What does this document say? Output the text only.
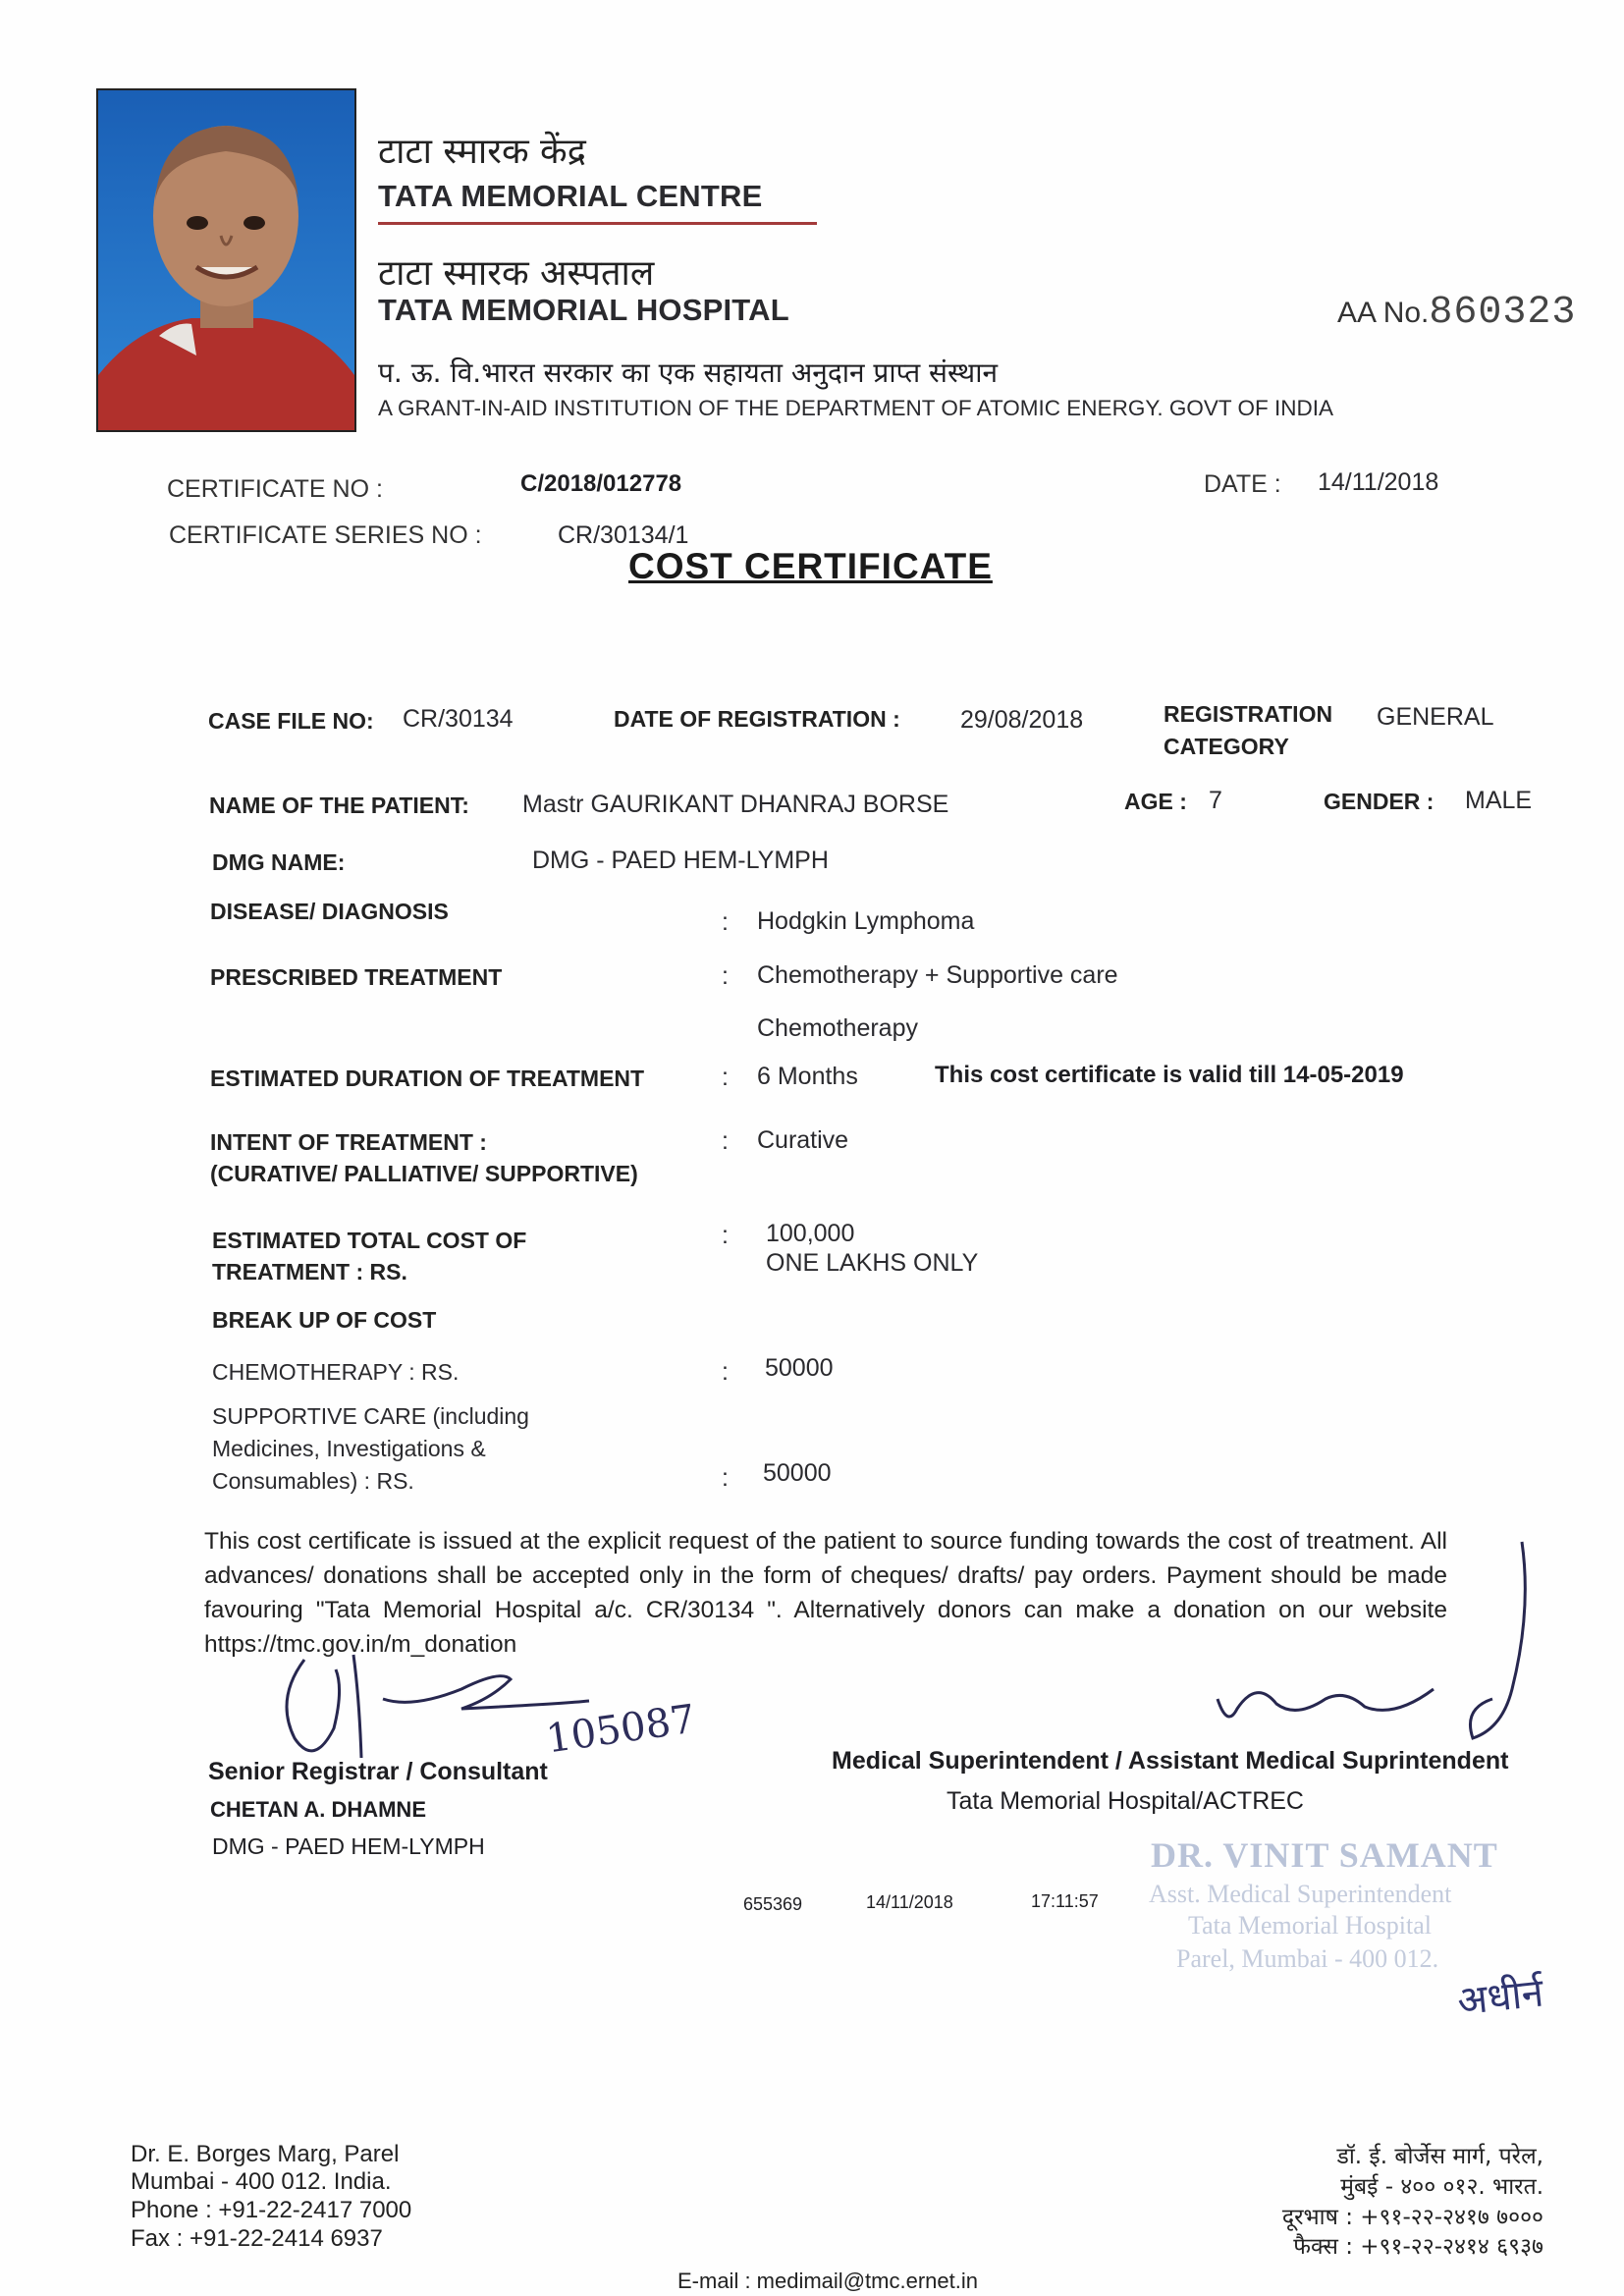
टाटा स्मारक केंद्र
TATA MEMORIAL CENTRE
टाटा स्मारक अस्पताल
TATA MEMORIAL HOSPITAL
प. ऊ. वि.भारत सरकार का एक सहायता अनुदान प्राप्त संस्थान
A GRANT-IN-AID INSTITUTION OF THE DEPARTMENT OF ATOMIC ENERGY. GOVT OF INDIA
AA No.860323
CERTIFICATE NO :	C/2018/012778	DATE : 14/11/2018
CERTIFICATE SERIES NO :	CR/30134/1
COST CERTIFICATE
CASE FILE NO: CR/30134	DATE OF REGISTRATION : 29/08/2018	REGISTRATION
CATEGORY
GENERAL
NAME OF THE PATIENT: Mastr GAURIKANT DHANRAJ BORSE	AGE : 7	GENDER : MALE
DMG NAME:	DMG - PAED HEM-LYMPH
DISEASE/ DIAGNOSIS	: Hodgkin Lymphoma
PRESCRIBED TREATMENT	: Chemotherapy + Supportive care
Chemotherapy
ESTIMATED DURATION OF TREATMENT	: 6 Months	This cost certificate is valid till 14-05-2019
INTENT OF TREATMENT :
(CURATIVE/ PALLIATIVE/ SUPPORTIVE)
: Curative
ESTIMATED TOTAL COST OF
TREATMENT : RS.
: 100,000
ONE LAKHS ONLY
BREAK UP OF COST
CHEMOTHERAPY : RS.	: 50000
SUPPORTIVE CARE (including
Medicines, Investigations &
Consumables) : RS.	: 50000
This cost certificate is issued at the explicit request of the patient to source funding towards the cost of treatment. All advances/ donations shall be accepted only in the form of cheques/ drafts/ pay orders. Payment should be made favouring "Tata Memorial Hospital a/c. CR/30134 ". Alternatively donors can make a donation on our website https://tmc.gov.in/m_donation
105087
Senior Registrar / Consultant
CHETAN A. DHAMNE
DMG - PAED HEM-LYMPH
Medical Superintendent / Assistant Medical Suprintendent
Tata Memorial Hospital/ACTREC
DR. VINIT SAMANT
Asst. Medical Superintendent
Tata Memorial Hospital
Parel, Mumbai - 400 012.
अधीर्न
655369	14/11/2018	17:11:57
Dr. E. Borges Marg, Parel
Mumbai - 400 012. India.
Phone : +91-22-2417 7000
Fax : +91-22-2414 6937
डॉ. ई. बोर्जेस मार्ग, परेल,
मुंबई - ४०० ०१२. भारत.
दूरभाष : +९१-२२-२४१७ ७०००
फैक्स : +९१-२२-२४१४ ६९३७
E-mail : medimail@tmc.ernet.in
